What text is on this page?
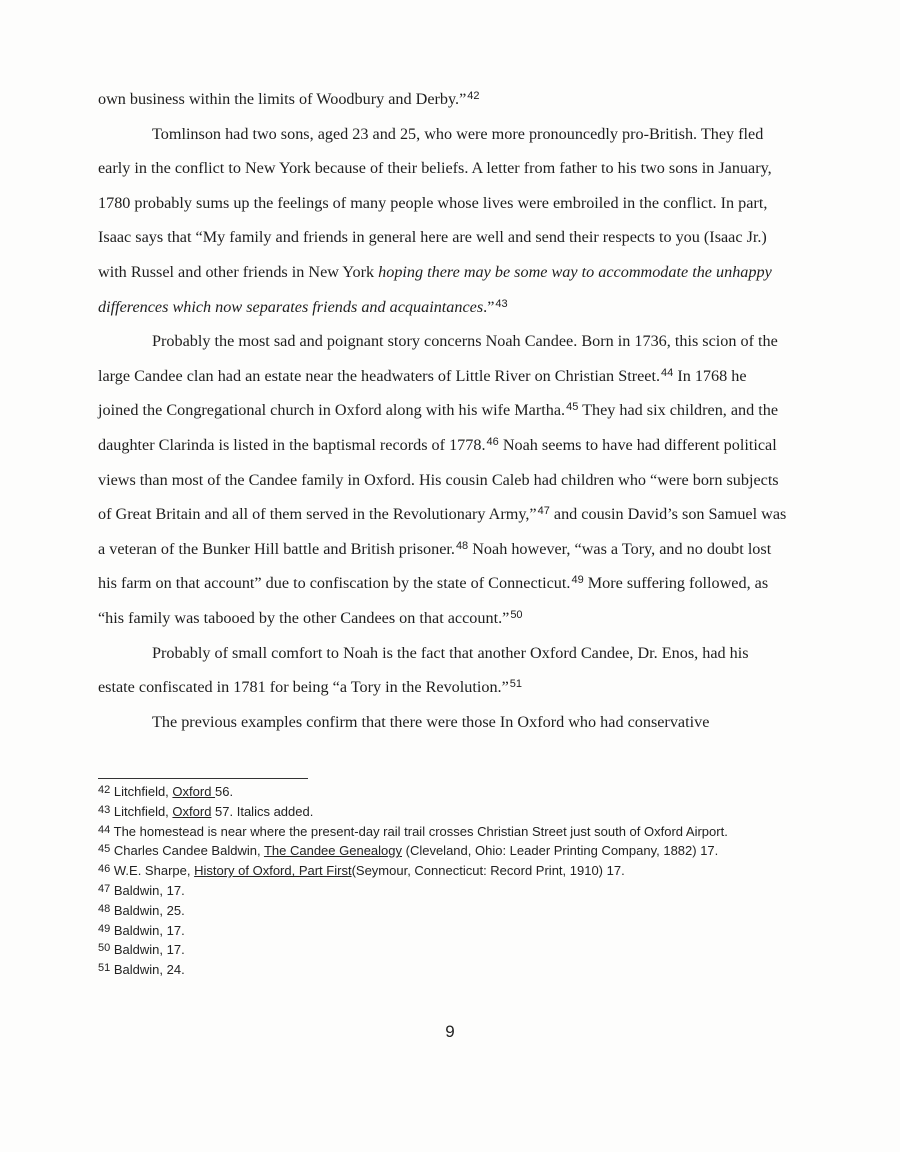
own business within the limits of Woodbury and Derby.”$^{42}$

Tomlinson had two sons, aged 23 and 25, who were more pronouncedly pro-British. They fled early in the conflict to New York because of their beliefs. A letter from father to his two sons in January, 1780 probably sums up the feelings of many people whose lives were embroiled in the conflict. In part, Isaac says that “My family and friends in general here are well and send their respects to you (Isaac Jr.) with Russel and other friends in New York hoping there may be some way to accommodate the unhappy differences which now separates friends and acquaintances.”$^{43}$

Probably the most sad and poignant story concerns Noah Candee. Born in 1736, this scion of the large Candee clan had an estate near the headwaters of Little River on Christian Street.$^{44}$ In 1768 he joined the Congregational church in Oxford along with his wife Martha.$^{45}$ They had six children, and the daughter Clarinda is listed in the baptismal records of 1778.46 Noah seems to have had different political views than most of the Candee family in Oxford. His cousin Caleb had children who “were born subjects of Great Britain and all of them served in the Revolutionary Army,”$^{47}$ and cousin David’s son Samuel was a veteran of the Bunker Hill battle and British prisoner.$^{48}$ Noah however, “was a Tory, and no doubt lost his farm on that account” due to confiscation by the state of Connecticut.$^{49}$ More suffering followed, as “his family was tabooed by the other Candees on that account.”$^{50}$

Probably of small comfort to Noah is the fact that another Oxford Candee, Dr. Enos, had his estate confiscated in 1781 for being “a Tory in the Revolution.”$^{51}$

The previous examples confirm that there were those In Oxford who had conservative

$^{42}$ Litchfield, Oxford 56.

$^{43}$ Litchfield, Oxford 57. Italics added.

$^{44}$ The homestead is near where the present-day rail trail crosses Christian Street just south of Oxford Airport.

$^{45}$ Charles Candee Baldwin, The Candee Genealogy (Cleveland, Ohio: Leader Printing Company, 1882) 17.

$^{46}$ W.E. Sharpe, History of Oxford, Part First(Seymour, Connecticut: Record Print, 1910) 17.

$^{47}$ Baldwin, 17.

$^{48}$ Baldwin, 25.

$^{49}$ Baldwin, 17.

$^{50}$ Baldwin, 17.

$^{51}$ Baldwin, 24.

9
